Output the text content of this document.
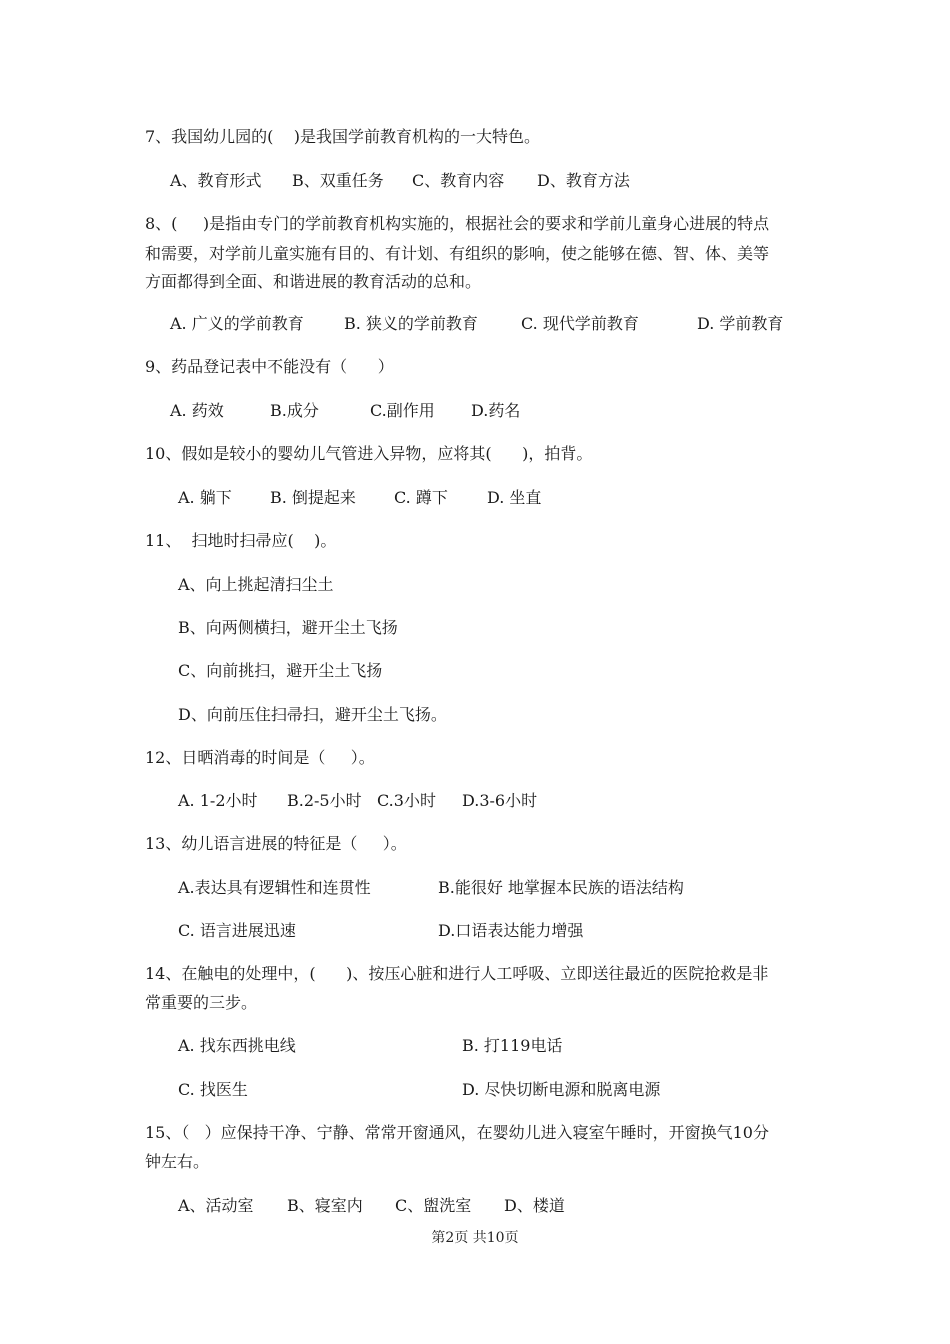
7、我国幼儿园的(    )是我国学前教育机构的一大特色。
A、教育形式 B、双重任务 C、教育内容 D、教育方法
8、(     )是指由专门的学前教育机构实施的，根据社会的要求和学前儿童身心进展的特点
和需要，对学前儿童实施有目的、有计划、有组织的影响，使之能够在德、智、体、美等
方面都得到全面、和谐进展的教育活动的总和。
A. 广义的学前教育	B. 狭义的学前教育	C. 现代学前教育	D. 学前教育
9、药品登记表中不能没有（      ）
A. 药效	B.成分	C.副作用 D.药名
10、假如是较小的婴幼儿气管进入异物，应将其(      )，拍背。
A. 躺下 B. 倒提起来 C. 蹲下 D. 坐直
11、  扫地时扫帚应(    )。
A、向上挑起清扫尘土
B、向两侧横扫，避开尘土飞扬
C、向前挑扫，避开尘土飞扬
D、向前压住扫帚扫，避开尘土飞扬。
12、日晒消毒的时间是（     ）。
A. 1-2小时 B.2-5小时 C.3小时 D.3-6小时
13、幼儿语言进展的特征是（     ）。
A.表达具有逻辑性和连贯性	B.能很好 地掌握本民族的语法结构
C. 语言进展迅速	D.口语表达能力增强
14、在触电的处理中，(      )、按压心脏和进行人工呼吸、立即送往最近的医院抢救是非
常重要的三步。
A. 找东西挑电线	B. 打119电话
C. 找医生	D. 尽快切断电源和脱离电源
15、（   ）应保持干净、宁静、常常开窗通风，在婴幼儿进入寝室午睡时，开窗换气10分
钟左右。
A、活动室 B、寝室内 C、盥洗室 D、楼道
第2页 共10页
